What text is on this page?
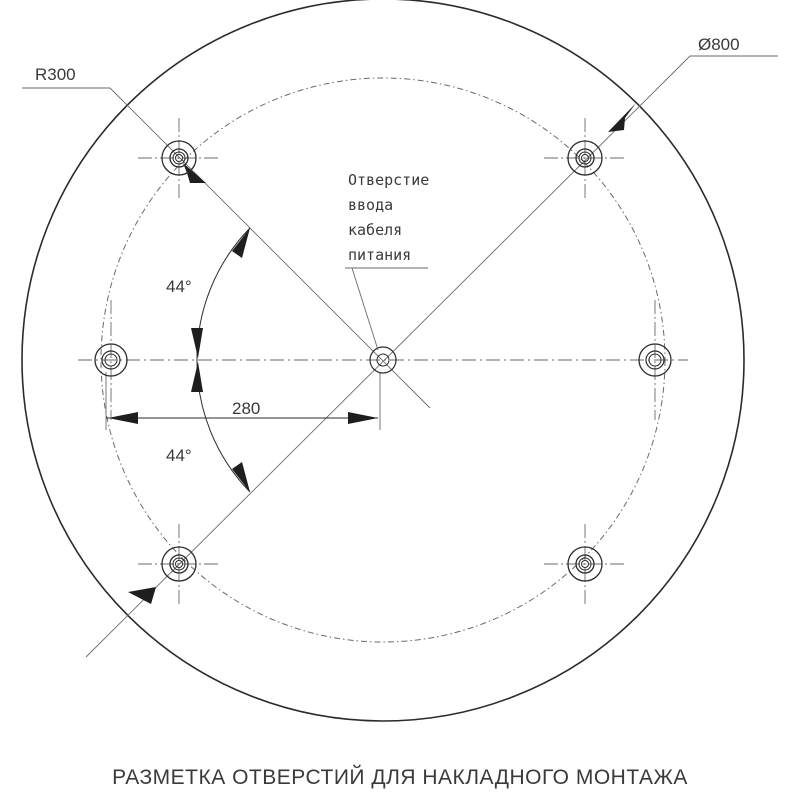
280
44°
44°
Отверстие
ввода
кабеля
питания
R300
Ø800
РАЗМЕТКА ОТВЕРСТИЙ ДЛЯ НАКЛАДНОГО МОНТАЖА
